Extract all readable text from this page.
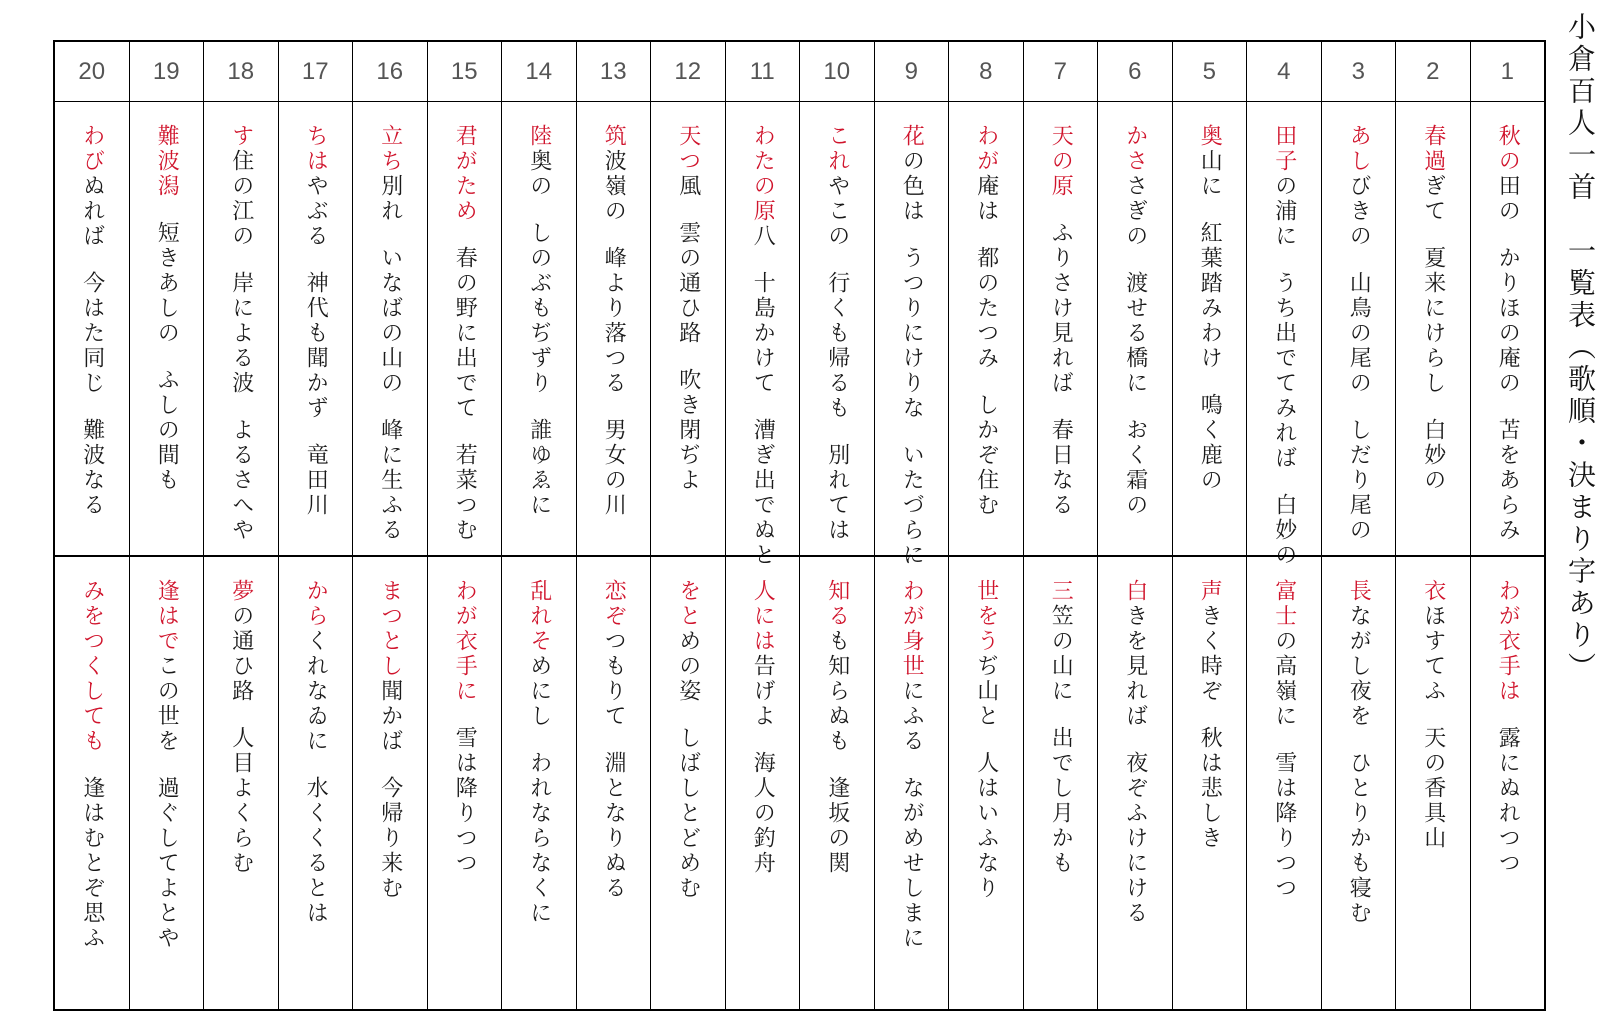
小倉百人一首　一覧表（歌順・決まり字あり）
1
秋の田のかりほの庵の苫をあらみ
わが衣手は露にぬれつつ
2
春過ぎて夏来にけらし白妙の
衣ほすてふ天の香具山
3
あしびきの山鳥の尾のしだり尾の
長ながし夜をひとりかも寝む
4
田子の浦にうち出でてみれば白妙の
富士の高嶺に雪は降りつつ
5
奥山に紅葉踏みわけ鳴く鹿の
声きく時ぞ秋は悲しき
6
かささぎの渡せる橋におく霜の
白きを見れば夜ぞふけにける
7
天の原ふりさけ見れば春日なる
三笠の山に出でし月かも
8
わが庵は都のたつみしかぞ住む
世をうぢ山と人はいふなり
9
花の色はうつりにけりないたづらに
わが身世にふるながめせしまに
10
これやこの行くも帰るも別れては
知るも知らぬも逢坂の関
11
わたの原八十島かけて漕ぎ出でぬと
人には告げよ海人の釣舟
12
天つ風雲の通ひ路吹き閉ぢよ
をとめの姿しばしとどめむ
13
筑波嶺の峰より落つる男女の川
恋ぞつもりて淵となりぬる
14
陸奥のしのぶもぢずり誰ゆゑに
乱れそめにしわれならなくに
15
君がため春の野に出でて若菜つむ
わが衣手に雪は降りつつ
16
立ち別れいなばの山の峰に生ふる
まつとし聞かば今帰り来む
17
ちはやぶる神代も聞かず竜田川
からくれなゐに水くくるとは
18
す住の江の岸による波よるさへや
夢の通ひ路人目よくらむ
19
難波潟短きあしのふしの間も
逢はでこの世を過ぐしてよとや
20
わびぬれば今はた同じ難波なる
みをつくしても逢はむとぞ思ふ
